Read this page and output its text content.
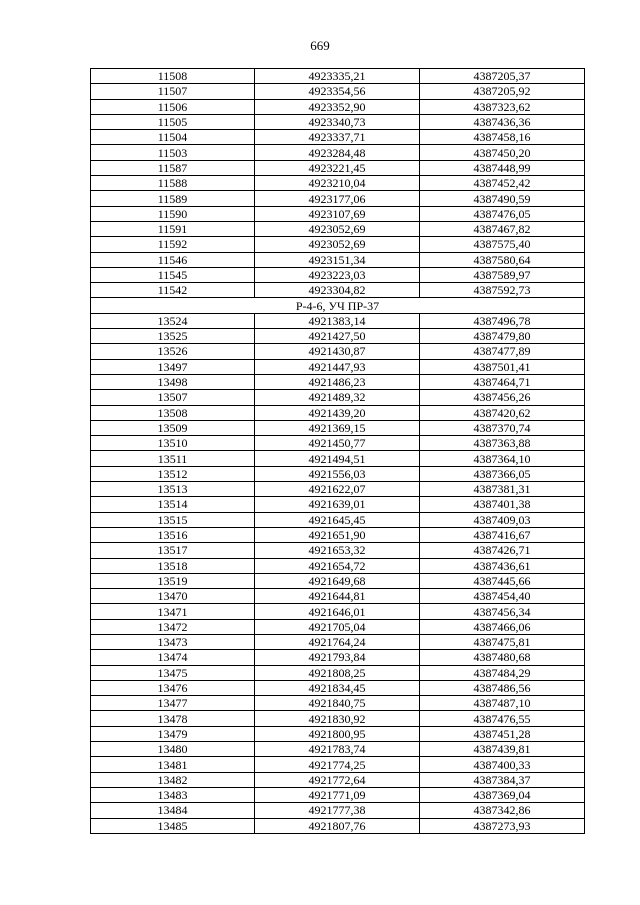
669
11508	4923335,21	4387205,37
11507	4923354,56	4387205,92
11506	4923352,90	4387323,62
11505	4923340,73	4387436,36
11504	4923337,71	4387458,16
11503	4923284,48	4387450,20
11587	4923221,45	4387448,99
11588	4923210,04	4387452,42
11589	4923177,06	4387490,59
11590	4923107,69	4387476,05
11591	4923052,69	4387467,82
11592	4923052,69	4387575,40
11546	4923151,34	4387580,64
11545	4923223,03	4387589,97
11542	4923304,82	4387592,73
Р-4-6, УЧ ПР-37		
13524	4921383,14	4387496,78
13525	4921427,50	4387479,80
13526	4921430,87	4387477,89
13497	4921447,93	4387501,41
13498	4921486,23	4387464,71
13507	4921489,32	4387456,26
13508	4921439,20	4387420,62
13509	4921369,15	4387370,74
13510	4921450,77	4387363,88
13511	4921494,51	4387364,10
13512	4921556,03	4387366,05
13513	4921622,07	4387381,31
13514	4921639,01	4387401,38
13515	4921645,45	4387409,03
13516	4921651,90	4387416,67
13517	4921653,32	4387426,71
13518	4921654,72	4387436,61
13519	4921649,68	4387445,66
13470	4921644,81	4387454,40
13471	4921646,01	4387456,34
13472	4921705,04	4387466,06
13473	4921764,24	4387475,81
13474	4921793,84	4387480,68
13475	4921808,25	4387484,29
13476	4921834,45	4387486,56
13477	4921840,75	4387487,10
13478	4921830,92	4387476,55
13479	4921800,95	4387451,28
13480	4921783,74	4387439,81
13481	4921774,25	4387400,33
13482	4921772,64	4387384,37
13483	4921771,09	4387369,04
13484	4921777,38	4387342,86
13485	4921807,76	4387273,93
